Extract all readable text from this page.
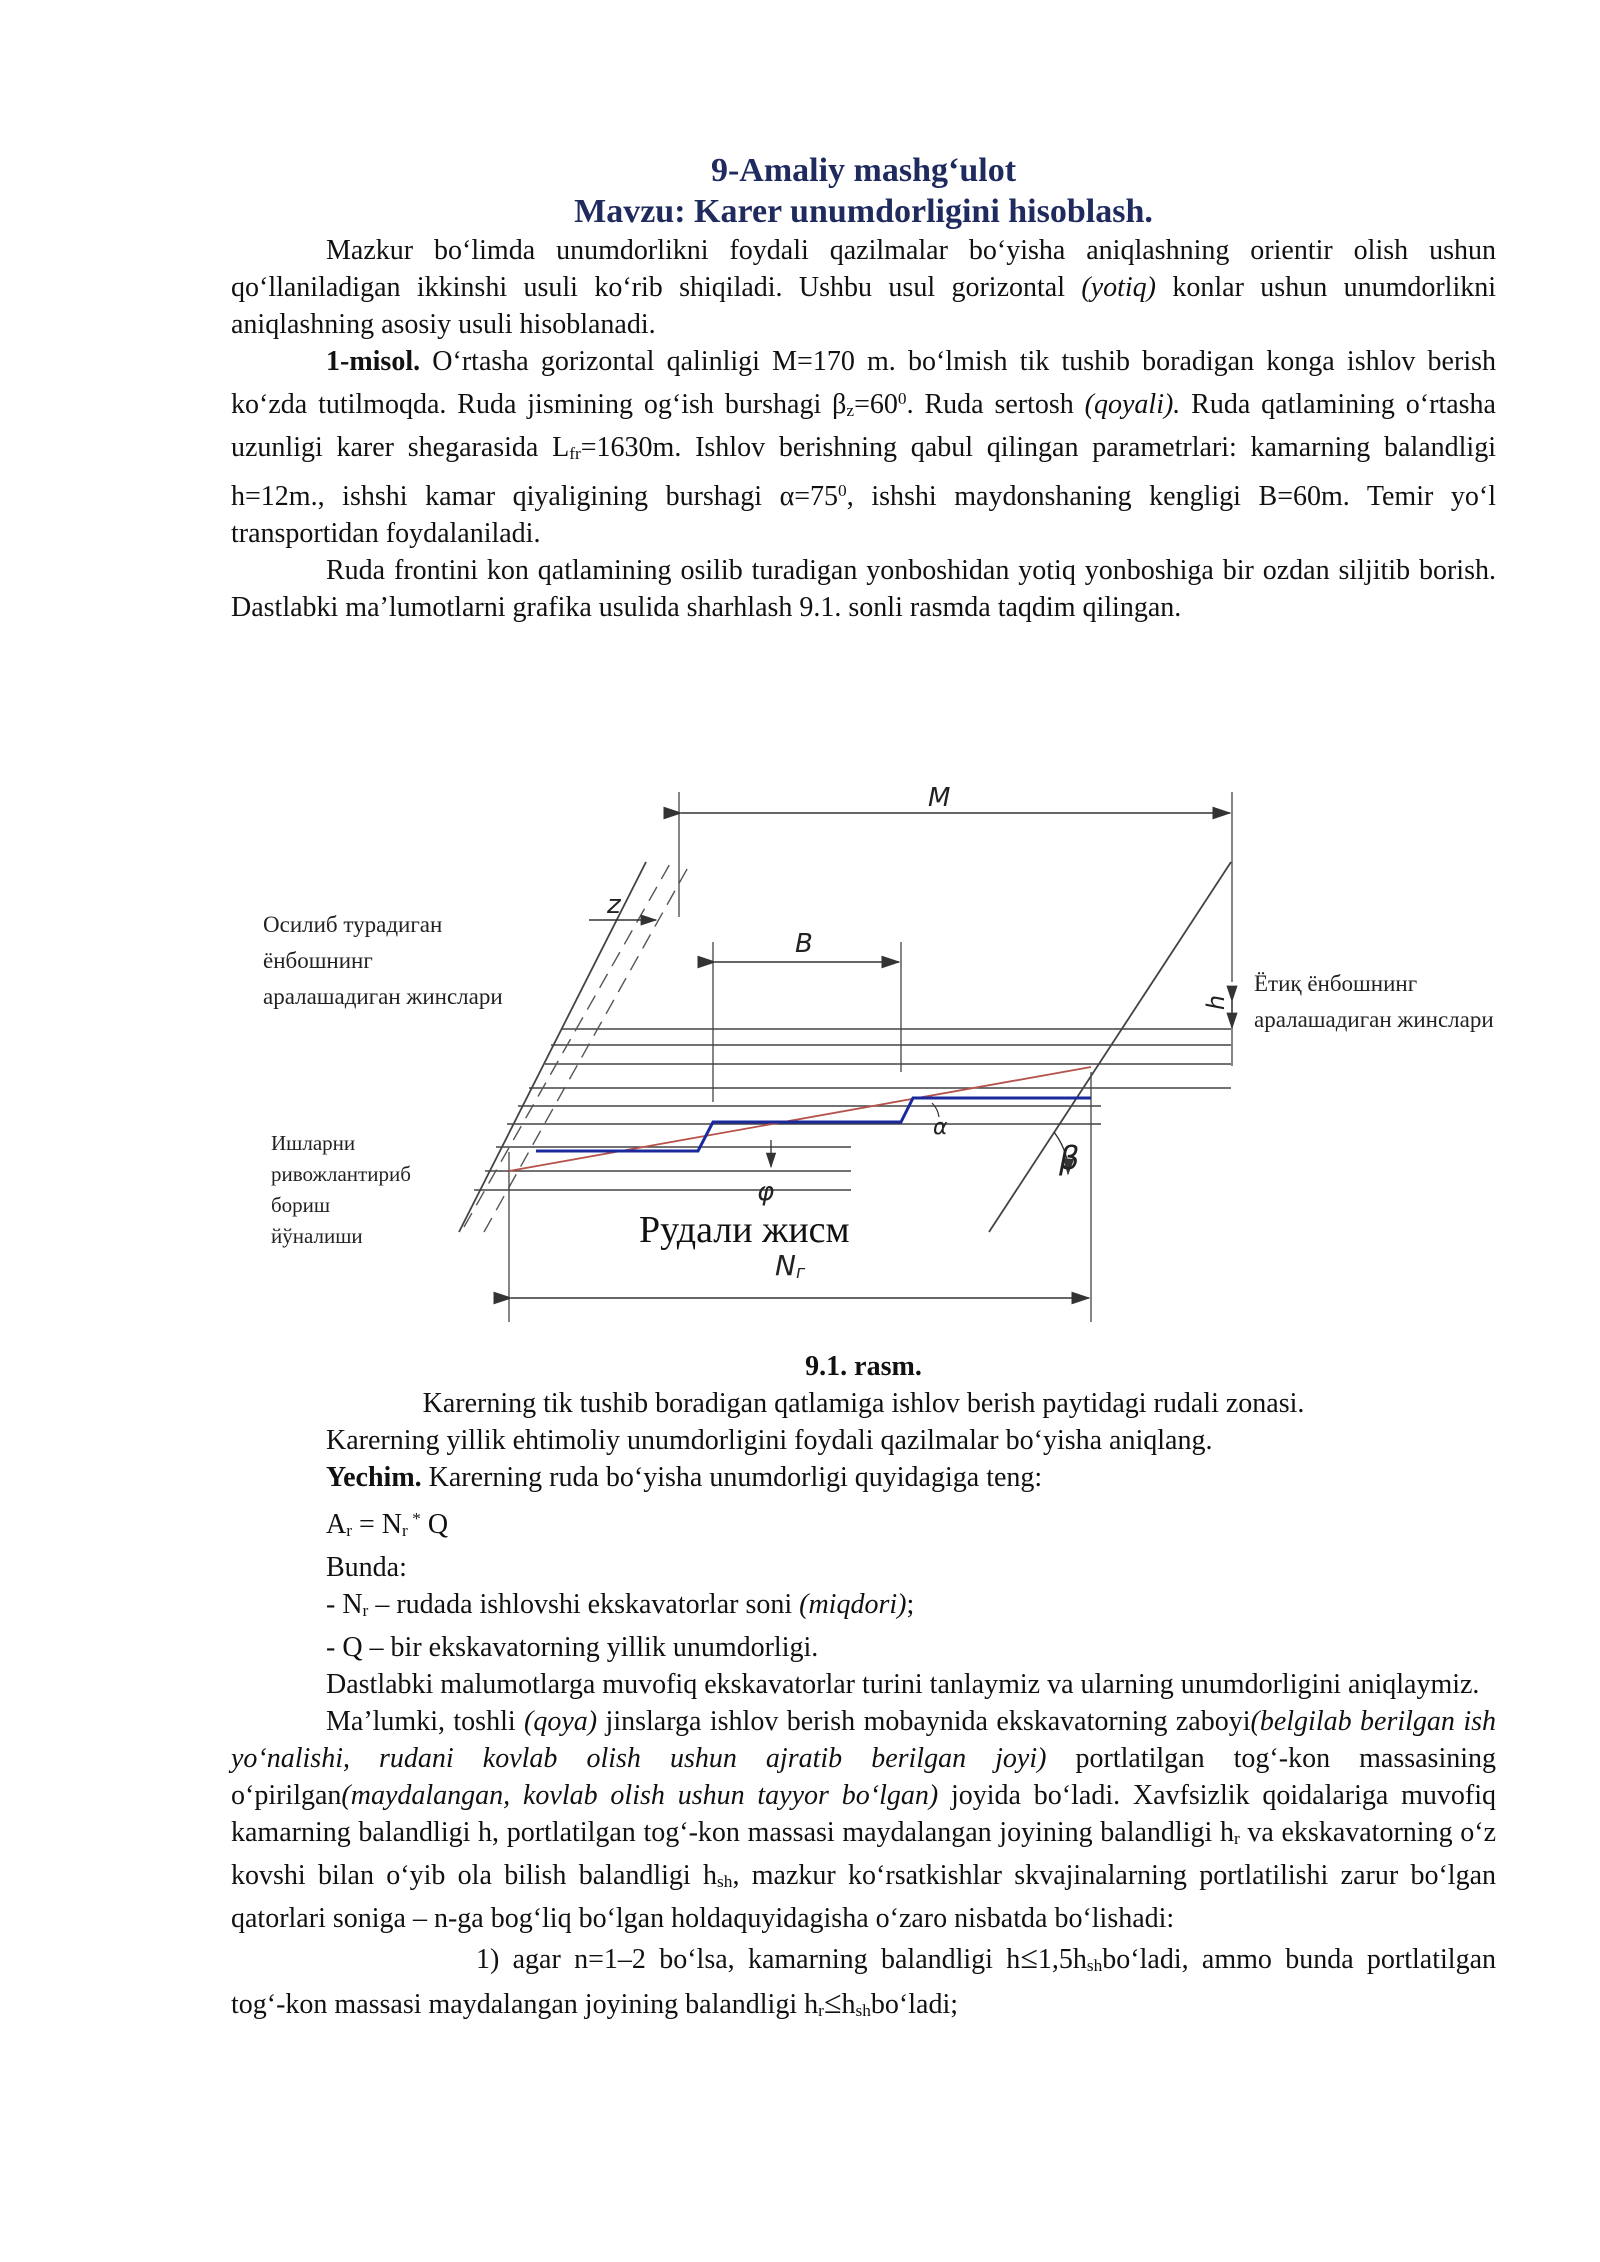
9-Amaliy mashg‘ulot
Mavzu: Karer unumdorligini hisoblash.

Mazkur bo‘limda unumdorlikni foydali qazilmalar bo‘yisha aniqlashning orientir olish ushun qo‘llaniladigan ikkinshi usuli ko‘rib shiqiladi. Ushbu usul gorizontal (yotiq) konlar ushun unumdorlikni aniqlashning asosiy usuli hisoblanadi.

1-misol. O‘rtasha gorizontal qalinligi M=170 m. bo‘lmish tik tushib boradigan konga ishlov berish ko‘zda tutilmoqda. Ruda jismining og‘ish burshagi $\beta_z=60^0$. Ruda sertosh (qoyali). Ruda qatlamining o‘rtasha uzunligi karer shegarasida $L_{fr}=1630m$. Ishlov berishning qabul qilingan parametrlari: kamarning balandligi h=12m., ishshi kamar qiyaligining burshagi $\alpha=75^0$, ishshi maydonshaning kengligi B=60m. Temir yo‘l transportidan foydalaniladi.

Ruda frontini kon qatlamining osilib turadigan yonboshidan yotiq yonboshiga bir ozdan siljitib borish. Dastlabki ma’lumotlarni grafika usulida sharhlash 9.1. sonli rasmda taqdim qilingan.

M
z
B
h
α
φ
β
$N_г$
Осилиб турадиган
ёнбошнинг
аралашадиган жинслари
Ётиқ ёнбошнинг
аралашадиган жинслари
Ишларни
ривожлантириб
бориш
йўналиши	Рудали жисм

9.1. rasm.

Karerning tik tushib boradigan qatlamiga ishlov berish paytidagi rudali zonasi.

Karerning yillik ehtimoliy unumdorligini foydali qazilmalar bo‘yisha aniqlang.

Yechim. Karerning ruda bo‘yisha unumdorligi quyidagiga teng:

$A_r = N_r$ * Q

Bunda:

- $N_r$ – rudada ishlovshi ekskavatorlar soni (miqdori);

- Q – bir ekskavatorning yillik unumdorligi.

Dastlabki malumotlarga muvofiq ekskavatorlar turini tanlaymiz va ularning unumdorligini aniqlaymiz.

Ma’lumki, toshli (qoya) jinslarga ishlov berish mobaynida ekskavatorning zaboyi(belgilab berilgan ish yo‘nalishi, rudani kovlab olish ushun ajratib berilgan joyi) portlatilgan tog‘-kon massasining o‘pirilgan(maydalangan, kovlab olish ushun tayyor bo‘lgan) joyida bo‘ladi. Xavfsizlik qoidalariga muvofiq kamarning balandligi h, portlatilgan tog‘-kon massasi maydalangan joyining balandligi $h_r$ va ekskavatorning o‘z kovshi bilan o‘yib ola bilish balandligi $h_{sh}$, mazkur ko‘rsatkishlar skvajinalarning portlatilishi zarur bo‘lgan qatorlari soniga – n-ga bog‘liq bo‘lgan holdaquyidagisha o‘zaro nisbatda bo‘lishadi:

1) agar n=1–2 bo‘lsa, kamarning balandligi $h\le 1,5h_{sh}bo‘ladi$, ammo bunda portlatilgan tog‘-kon massasi maydalangan joyining balandligi $h_r\le h_{sh}bo‘ladi$;
